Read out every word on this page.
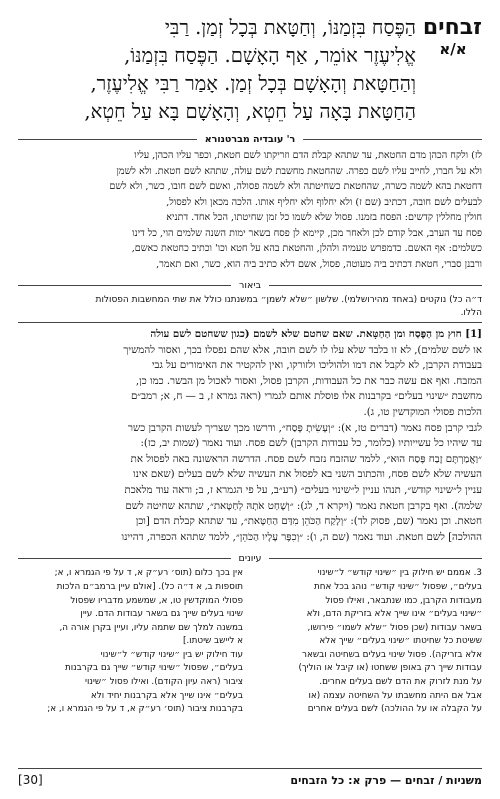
זבחים
א/א

הַפֶּסַח בִּזְמַנּוֹ, וְחַטָּאת בְּכָל זְמַן. רַבִּי

אֱלִיעֶזֶר אוֹמֵר, אַף הָאָשָׁם. הַפֶּסַח בִּזְמַנּוֹ,

וְהַחַטָּאת וְהָאָשָׁם בְּכָל זְמַן. אָמַר רַבִּי אֱלִיעֶזֶר,

הַחַטָּאת בָּאָה עַל חֵטְא, וְהָאָשָׁם בָּא עַל חֵטְא,

ר' עובדיה מברטנורא

לז) ולקח הכהן מדם החטאת, עד שתהא קבלת הדם וזריקתו לשם חטאת, וכפר עליו הכהן, עליו

ולא על חברו, לחייב עליו לשם כפרה. שהחטאת מחשבת לשם עולה, שתהא לשם חטאת. ולא לשמן

דחטאת בהא לשמה כשרה, שהחטאת כשחיטתה ולא לשמה פסולה, ואשם לשם חובו, כשר, ולא לשם

לבעלים לשם חובה, דכתיב (שם ז) ולא יחלוף ולא יחליף אותו. הלכה מכאן ולא לפסול,

חולין מחללין קדשים: הפסח בזמנו. פסול שלא לשמו כל זמן שחיטתו, הכל אחד. דתניא

פסח עד הערב, אבל קודם לכן ולאחר מכן, קיימא לן פסח בשאר ימות השנה שלמים הוי, כל דינו

כשלמים: אף האשם. כדמפרש טעמיה ולהלן, והחטאת בהא על חטא וכו' וכתיב כחטאת כאשם,

ורבנן סברי, חטאת דכתיב ביה מעוטה, פסול, אשם דלא כתיב ביה הוא, כשר, ואם תאמר,

ביאור

ד״ה כל) נוקטים (באחד מהירושלמי). שלשון ״שלא לשמן״ במשנתנו כולל את שתי המחשבות הפסולות

הללו.

[1] חוץ מן הַפֶּסַח ומן הַחַטָּאת. שאם שחטם שלא לשמם (כגון ששחטם לשם עולה

או לשם שלמים), לא זו בלבד שלא עלו לו לשם חובה, אלא שהם נפסלו בכך, ואסור להמשיך

בעבודת הקרבן, לא לקבל את דמו ולהוליכו ולזורקו, ואין להקטיר את האימורים על גבי

המזבח. ואף אם עשה כבר את כל העבודות, הקרבן פסול, ואסור לאכול מן הבשר. כמו כן,

מחשבת ״שינוי בעלים״ בקרבנות אלו פוסלת אותם לגמרי (ראה גמרא ז, ב — ח, א; רמב״ם

הלכות פסולי המוקדשין טו, ג).

לגבי קרבן פסח נאמר (דברים טז, א): ״וְעָשִׂיתָ פֶּסַח״, ודרשו מכך שצריך לעשות הקרבן כשר

עד שיהיו כל עשייותיו (כלומר, כל עבודות הקרבן) לשם פסח. ועוד נאמר (שמות יב, כז):

״וַאֲמַרְתֶּם זֶבַח פֶּסַח הוּא״, ללמד שהזבח נזבח לשם פסח. הדרשה הראשונה באה לפסול את

העשיה שלא לשם פסח, והכתוב השני בא לפסול את העשיה שלא לשם בעלים (שאם אינו

עניין ל״שינוי קודש״, תנהו עניין ל״שינוי בעלים״ (רע״ב, על פי הגמרא ז, ב; וראה עוד מלאכת

שלמה). ואף בקרבן חטאת נאמר (ויקרא ד, לג): ״וְשָׁחַט אֹתָהּ לְחַטָּאת״, שתהא שחיטה לשם

חטאת. וכן נאמר (שם, פסוק לד): ״וְלָקַח הַכֹּהֵן מִדַּם הַחַטָּאת״, עד שתהא קבלת הדם [וכן

ההולכה] לשם חטאת. ועוד נאמר (שם ה, ו): ״וְכִפֶּר עָלָיו הַכֹּהֵן״, ללמד שתהא הכפרה, דהיינו

עיונים

3. אממם יש חילוק בין ״שינוי קודש״ ל״שינוי

בעלים״, שפסול ״שינוי קודש״ נוהג בכל אחת

מעבודות הקרבן, כמו שנתבאר, ואילו פסול

״שינוי בעלים״ אינו שייך אלא בזריקת הדם, ולא

בשאר עבודות (שכן פסול ״שלא לשמו״ פירושו,

ששיטת כל שחיטתו ״שינוי בעלים״ שייך אלא

אלא בזריקה). פסול שינוי בעלים בשחיטה ובשאר

עבודות שייך רק באופן ששחטו (או קיבל או הוליך)

על מנת לזרוק את הדם לשם בעלים אחרים.

אבל אם היתה מחשבתו על השחיטה עצמה (או

על הקבלה או על ההולכה) לשם בעלים אחרים

אין בכך כלום (תוס׳ רע״ק א, ד על פי הגמרא ו, א;

תוספות ב, א ד״ה כל). [אולם עיין ברמב״ם הלכות

פסולי המוקדשין טו, א, שמשמע מדבריו שפסול

שינוי בעלים שייך גם בשאר עבודות הדם. עיין

במשנה למלך שם שתמה עליו, ועיין בקרן אורה ה,

א ליישב שיטתו.]

עוד חילוק יש בין ״שינוי קודש״ ל״שינוי

בעלים״, שפסול ״שינוי קודש״ שייך גם בקרבנות

ציבור (ראה עיון הקודם). ואילו פסול ״שינוי

בעלים״ אינו שייך אלא בקרבנות יחיד ולא

בקרבנות ציבור (תוס׳ רע״ק א, ד על פי הגמרא ו, א;

משניות / זבחים — פרק א: כל הזבחים
[30]
